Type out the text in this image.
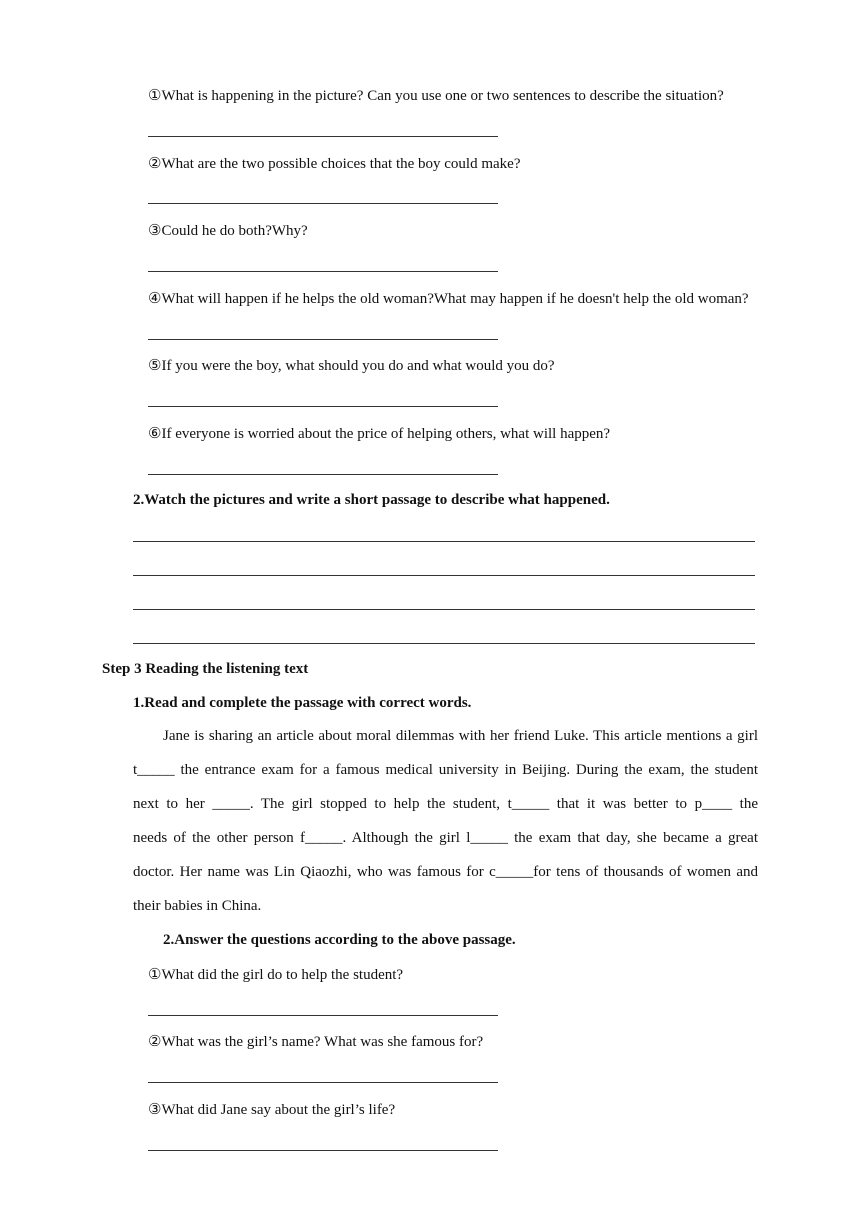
①What is happening in the picture? Can you use one or two sentences to describe the situation?
②What are the two possible choices that the boy could make?
③Could he do both?Why?
④What will happen if he helps the old woman?What may happen if he doesn't help the old woman?
⑤If you were the boy, what should you do and what would you do?
⑥If everyone is worried about the price of helping others, what will happen?
2.Watch the pictures and write a short passage to describe what happened.
Step 3 Reading the listening text
1.Read and complete the passage with correct words.
Jane is sharing an article about moral dilemmas with her friend Luke. This article mentions a girl
t_____ the entrance exam for a famous medical university in Beijing. During the exam, the student
next to her _____. The girl stopped to help the student, t_____ that it was better to p____ the
needs of the other person f_____. Although the girl l_____ the exam that day, she became a great
doctor. Her name was Lin Qiaozhi, who was famous for c_____for tens of thousands of women and
their babies in China.
2.Answer the questions according to the above passage.
①What did the girl do to help the student?
②What was the girl’s name? What was she famous for?
③What did Jane say about the girl’s life?
